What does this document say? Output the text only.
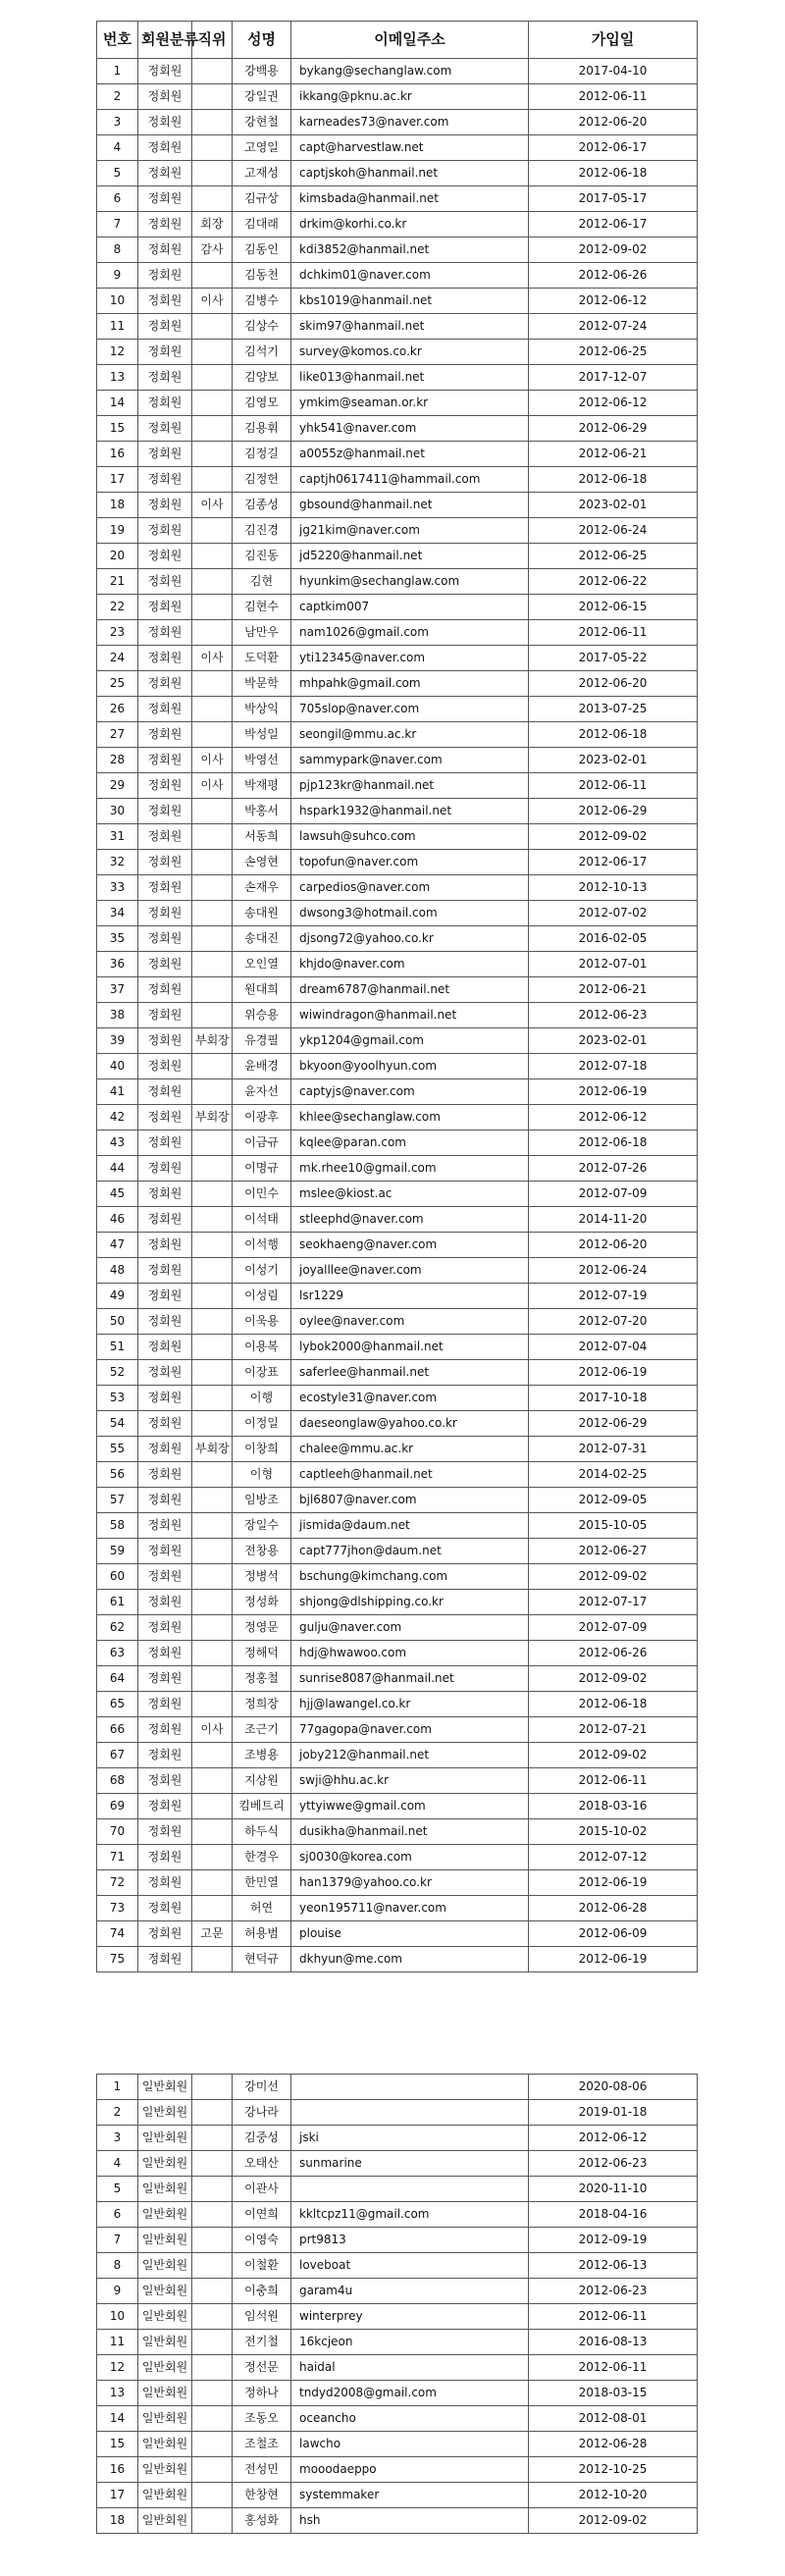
번호	회원분류	직위	성명	이메일주소	가입일
1	정회원		강백용	bykang@sechanglaw.com	2017-04-10
2	정회원		강일권	ikkang@pknu.ac.kr	2012-06-11
3	정회원		강현철	karneades73@naver.com	2012-06-20
4	정회원		고영일	capt@harvestlaw.net	2012-06-17
5	정회원		고재성	captjskoh@hanmail.net	2012-06-18
6	정회원		김규상	kimsbada@hanmail.net	2017-05-17
7	정회원	회장	김대래	drkim@korhi.co.kr	2012-06-17
8	정회원	감사	김동인	kdi3852@hanmail.net	2012-09-02
9	정회원		김동천	dchkim01@naver.com	2012-06-26
10	정회원	이사	김병수	kbs1019@hanmail.net	2012-06-12
11	정회원		김상수	skim97@hanmail.net	2012-07-24
12	정회원		김석기	survey@komos.co.kr	2012-06-25
13	정회원		김양보	like013@hanmail.net	2017-12-07
14	정회원		김영모	ymkim@seaman.or.kr	2012-06-12
15	정회원		김용휘	yhk541@naver.com	2012-06-29
16	정회원		김정길	a0055z@hanmail.net	2012-06-21
17	정회원		김정헌	captjh0617411@hammail.com	2012-06-18
18	정회원	이사	김종성	gbsound@hanmail.net	2023-02-01
19	정회원		김진경	jg21kim@naver.com	2012-06-24
20	정회원		김진동	jd5220@hanmail.net	2012-06-25
21	정회원		김현	hyunkim@sechanglaw.com	2012-06-22
22	정회원		김현수	captkim007	2012-06-15
23	정회원		남만우	nam1026@gmail.com	2012-06-11
24	정회원	이사	도덕환	yti12345@naver.com	2017-05-22
25	정회원		박문학	mhpahk@gmail.com	2012-06-20
26	정회원		박상익	705slop@naver.com	2013-07-25
27	정회원		박성일	seongil@mmu.ac.kr	2012-06-18
28	정회원	이사	박영선	sammypark@naver.com	2023-02-01
29	정회원	이사	박재평	pjp123kr@hanmail.net	2012-06-11
30	정회원		박홍서	hspark1932@hanmail.net	2012-06-29
31	정회원		서동희	lawsuh@suhco.com	2012-09-02
32	정회원		손영현	topofun@naver.com	2012-06-17
33	정회원		손재우	carpedios@naver.com	2012-10-13
34	정회원		송대원	dwsong3@hotmail.com	2012-07-02
35	정회원		송대진	djsong72@yahoo.co.kr	2016-02-05
36	정회원		오인열	khjdo@naver.com	2012-07-01
37	정회원		원대희	dream6787@hanmail.net	2012-06-21
38	정회원		위승용	wiwindragon@hanmail.net	2012-06-23
39	정회원	부회장	유경필	ykp1204@gmail.com	2023-02-01
40	정회원		윤배경	bkyoon@yoolhyun.com	2012-07-18
41	정회원		윤자선	captyjs@naver.com	2012-06-19
42	정회원	부회장	이광후	khlee@sechanglaw.com	2012-06-12
43	정회원		이금규	kqlee@paran.com	2012-06-18
44	정회원		이명규	mk.rhee10@gmail.com	2012-07-26
45	정회원		이민수	mslee@kiost.ac	2012-07-09
46	정회원		이석태	stleephd@naver.com	2014-11-20
47	정회원		이석행	seokhaeng@naver.com	2012-06-20
48	정회원		이성기	joyalllee@naver.com	2012-06-24
49	정회원		이성림	lsr1229	2012-07-19
50	정회원		이욱용	oylee@naver.com	2012-07-20
51	정회원		이용복	lybok2000@hanmail.net	2012-07-04
52	정회원		이장표	saferlee@hanmail.net	2012-06-19
53	정회원		이행	ecostyle31@naver.com	2017-10-18
54	정회원		이정일	daeseonglaw@yahoo.co.kr	2012-06-29
55	정회원	부회장	이창희	chalee@mmu.ac.kr	2012-07-31
56	정회원		이형	captleeh@hanmail.net	2014-02-25
57	정회원		임방조	bjl6807@naver.com	2012-09-05
58	정회원		장일수	jismida@daum.net	2015-10-05
59	정회원		전창용	capt777jhon@daum.net	2012-06-27
60	정회원		정병석	bschung@kimchang.com	2012-09-02
61	정회원		정성화	shjong@dlshipping.co.kr	2012-07-17
62	정회원		정영문	gulju@naver.com	2012-07-09
63	정회원		정해덕	hdj@hwawoo.com	2012-06-26
64	정회원		정홍철	sunrise8087@hanmail.net	2012-09-02
65	정회원		정희장	hjj@lawangel.co.kr	2012-06-18
66	정회원	이사	조근기	77gagopa@naver.com	2012-07-21
67	정회원		조병용	joby212@hanmail.net	2012-09-02
68	정회원		지상원	swji@hhu.ac.kr	2012-06-11
69	정회원		킴베트리	yttyiwwe@gmail.com	2018-03-16
70	정회원		하두식	dusikha@hanmail.net	2015-10-02
71	정회원		한경우	sj0030@korea.com	2012-07-12
72	정회원		한민열	han1379@yahoo.co.kr	2012-06-19
73	정회원		허연	yeon195711@naver.com	2012-06-28
74	정회원	고문	허용범	plouise	2012-06-09
75	정회원		현덕규	dkhyun@me.com	2012-06-19
1	일반회원		강미선		2020-08-06
2	일반회원		강나라		2019-01-18
3	일반회원		김중성	jski	2012-06-12
4	일반회원		오태산	sunmarine	2012-06-23
5	일반회원		이관사		2020-11-10
6	일반회원		이연희	kkltcpz11@gmail.com	2018-04-16
7	일반회원		이영숙	prt9813	2012-09-19
8	일반회원		이철환	loveboat	2012-06-13
9	일반회원		이충희	garam4u	2012-06-23
10	일반회원		임석원	winterprey	2012-06-11
11	일반회원		전기철	16kcjeon	2016-08-13
12	일반회원		정선문	haidal	2012-06-11
13	일반회원		정하나	tndyd2008@gmail.com	2018-03-15
14	일반회원		조동오	oceancho	2012-08-01
15	일반회원		조철조	lawcho	2012-06-28
16	일반회원		전성민	mooodaeppo	2012-10-25
17	일반회원		한창현	systemmaker	2012-10-20
18	일반회원		홍성화	hsh	2012-09-02
